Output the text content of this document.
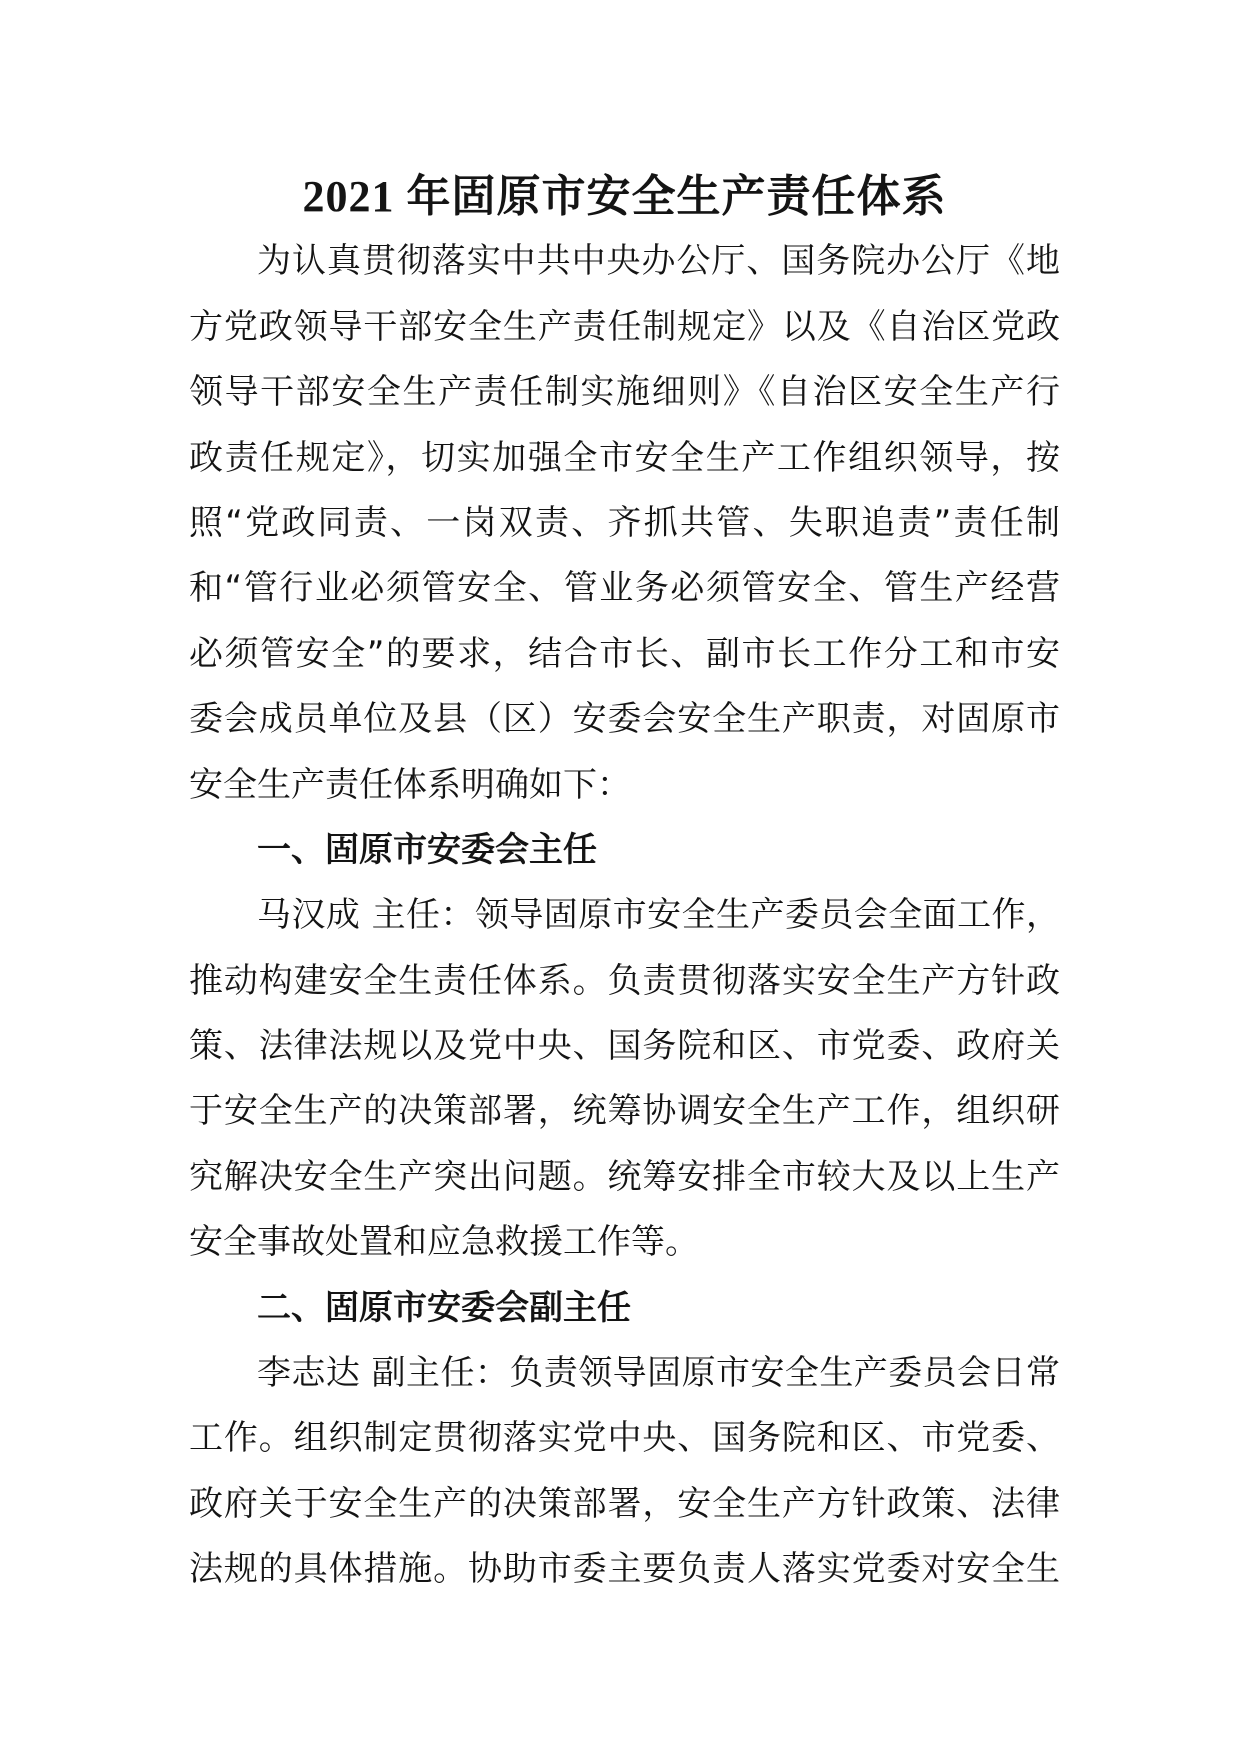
2021 年固原市安全生产责任体系
为认真贯彻落实中共中央办公厅、国务院办公厅《地
方党政领导干部安全生产责任制规定》以及《自治区党政
领导干部安全生产责任制实施细则》《自治区安全生产行
政责任规定》，切实加强全市安全生产工作组织领导，按
照“党政同责、一岗双责、齐抓共管、失职追责”责任制
和“管行业必须管安全、管业务必须管安全、管生产经营
必须管安全”的要求，结合市长、副市长工作分工和市安
委会成员单位及县（区）安委会安全生产职责，对固原市
安全生产责任体系明确如下：
一、固原市安委会主任
马汉成 主任：领导固原市安全生产委员会全面工作，
推动构建安全生责任体系。负责贯彻落实安全生产方针政
策、法律法规以及党中央、国务院和区、市党委、政府关
于安全生产的决策部署，统筹协调安全生产工作，组织研
究解决安全生产突出问题。统筹安排全市较大及以上生产
安全事故处置和应急救援工作等。
二、固原市安委会副主任
李志达 副主任：负责领导固原市安全生产委员会日常
工作。组织制定贯彻落实党中央、国务院和区、市党委、
政府关于安全生产的决策部署，安全生产方针政策、法律
法规的具体措施。协助市委主要负责人落实党委对安全生
